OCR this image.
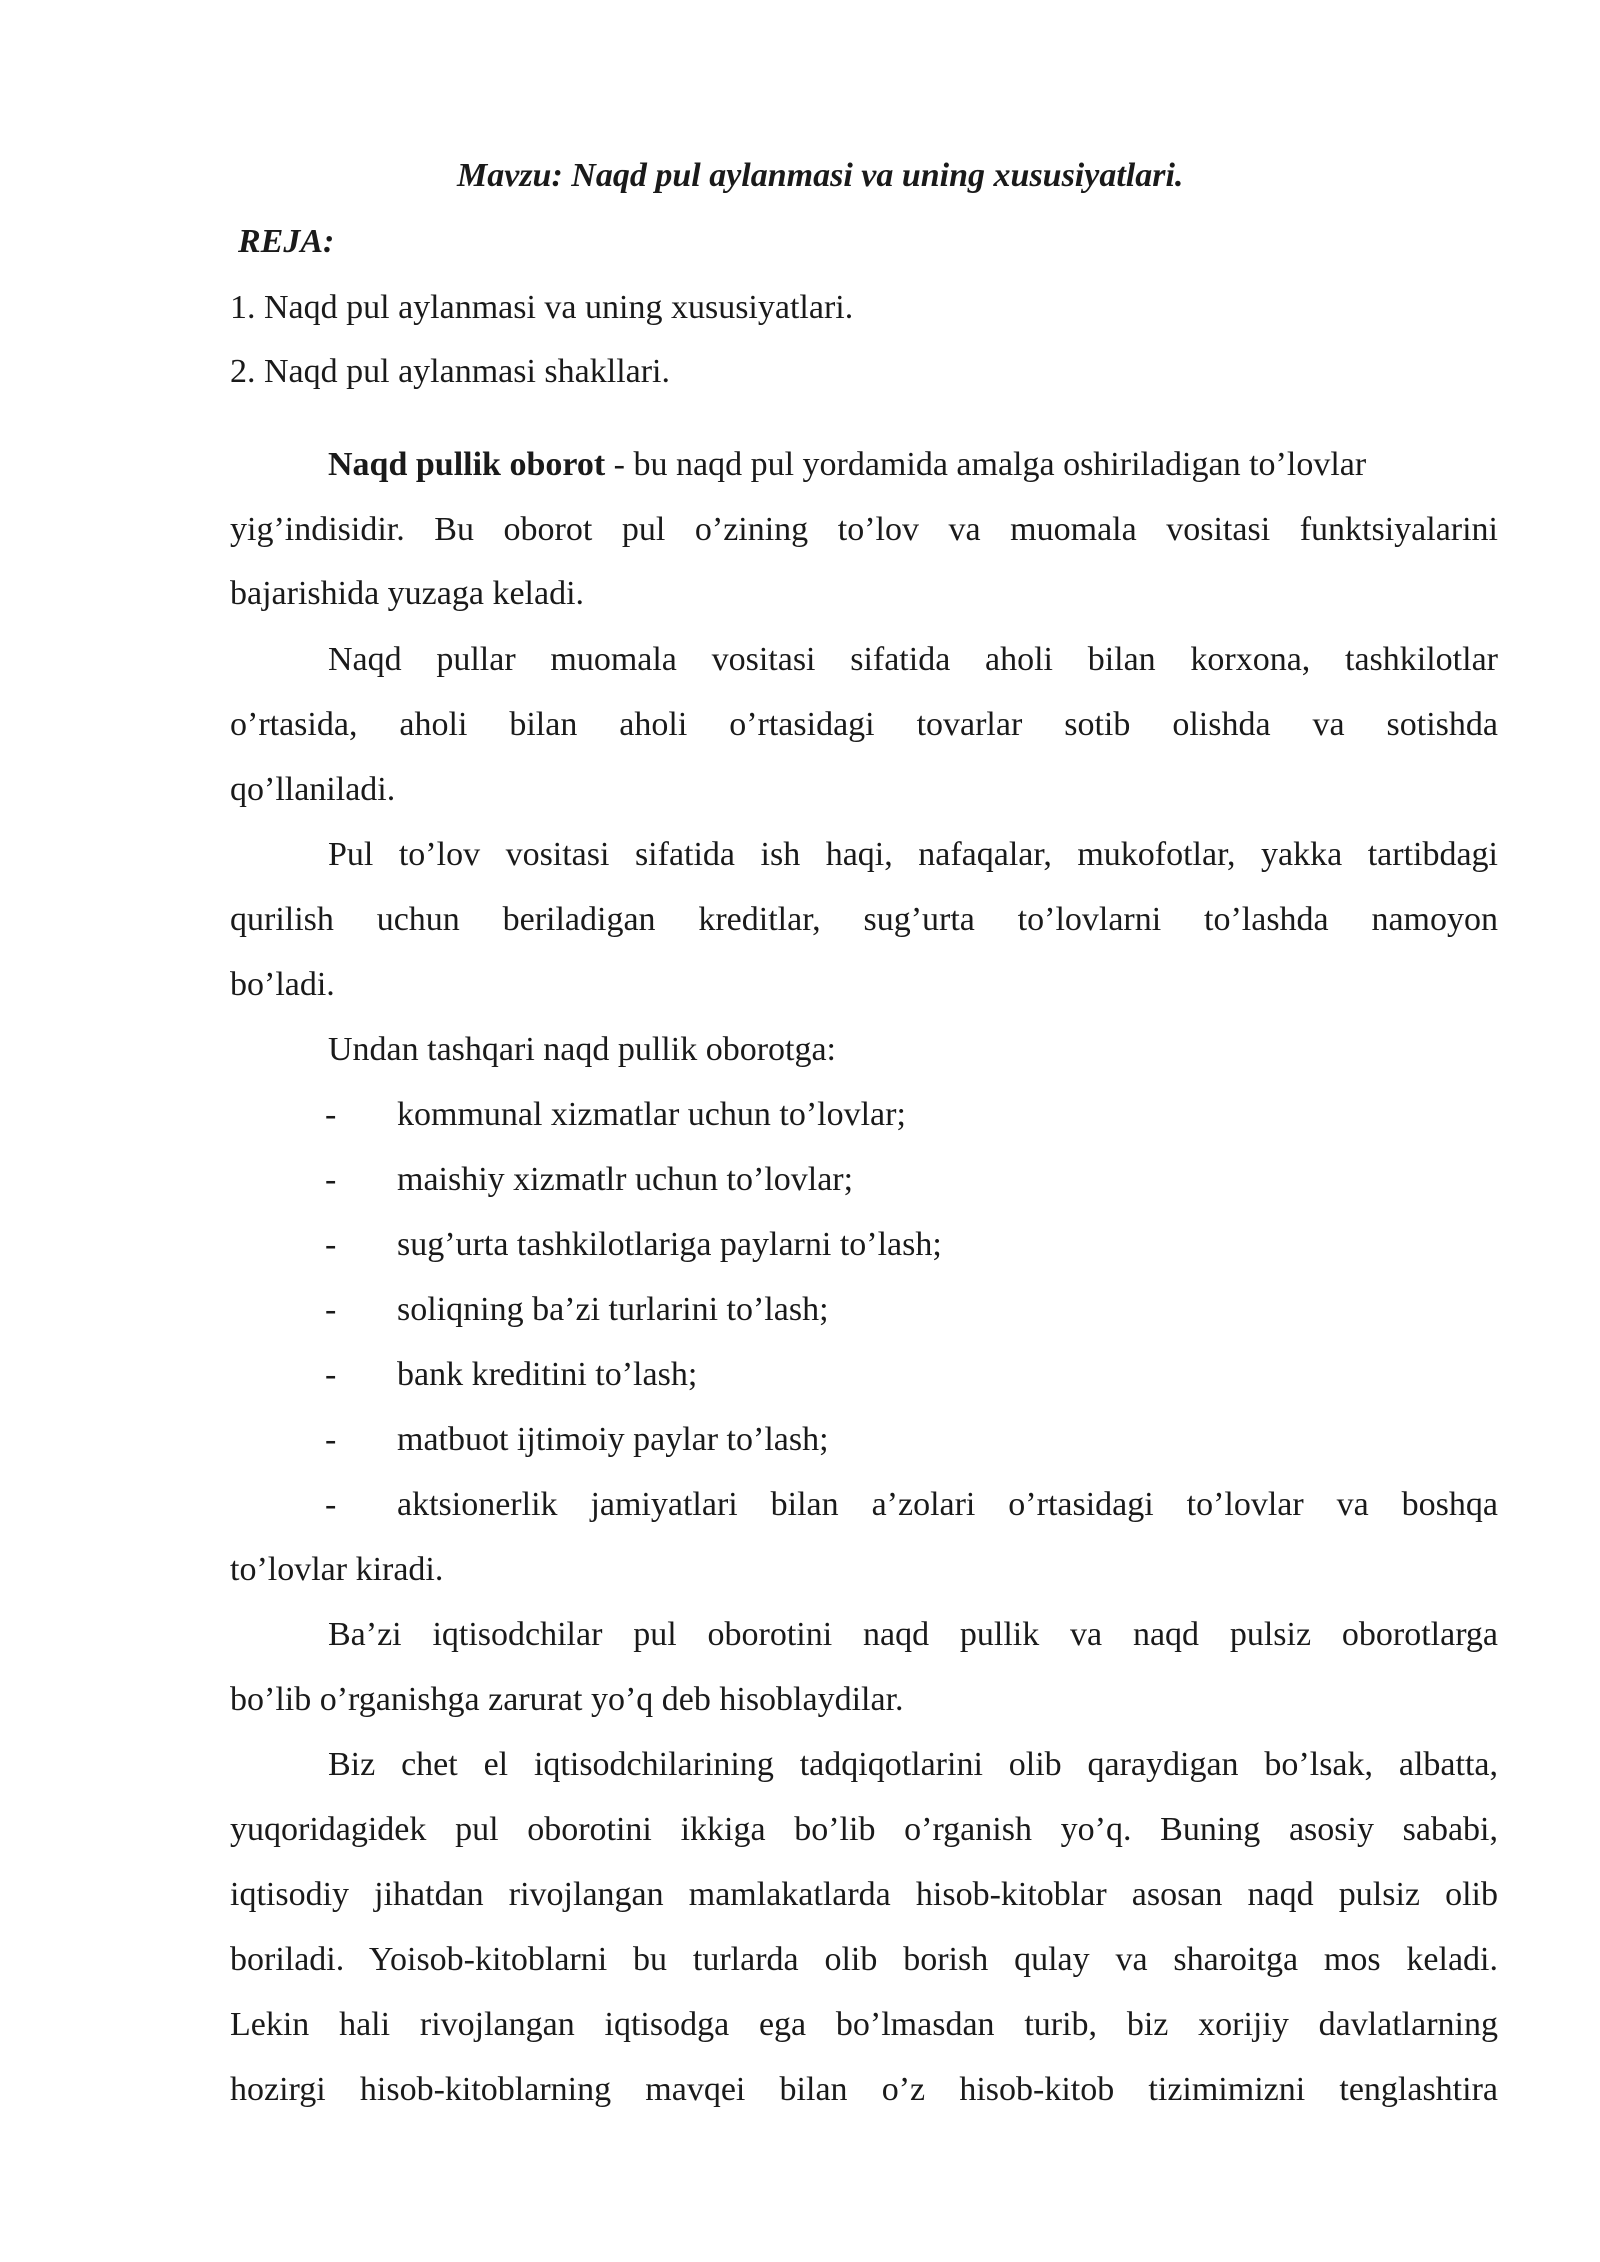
Mavzu: Naqd pul aylanmasi va uning xususiyatlari.
REJA:
1. Naqd pul aylanmasi va uning xususiyatlari.
2. Naqd pul aylanmasi shakllari.
Naqd pullik oborot - bu naqd pul yordamida amalga oshiriladigan to’lovlar
yig’indisidir. Bu oborot pul o’zining to’lov va muomala vositasi funktsiyalarini
bajarishida yuzaga keladi.
Naqd pullar muomala vositasi sifatida aholi bilan korxona, tashkilotlar
o’rtasida, aholi bilan aholi o’rtasidagi tovarlar sotib olishda va sotishda
qo’llaniladi.
Pul to’lov vositasi sifatida ish haqi, nafaqalar, mukofotlar, yakka tartibdagi
qurilish uchun beriladigan kreditlar, sug’urta to’lovlarni to’lashda namoyon
bo’ladi.
Undan tashqari naqd pullik oborotga:
- kommunal xizmatlar uchun to’lovlar;
- maishiy xizmatlr uchun to’lovlar;
- sug’urta tashkilotlariga paylarni to’lash;
- soliqning ba’zi turlarini to’lash;
- bank kreditini to’lash;
- matbuot ijtimoiy paylar to’lash;
- aktsionerlik jamiyatlari bilan a’zolari o’rtasidagi to’lovlar va boshqa
to’lovlar kiradi.
Ba’zi iqtisodchilar pul oborotini naqd pullik va naqd pulsiz oborotlarga
bo’lib o’rganishga zarurat yo’q deb hisoblaydilar.
Biz chet el iqtisodchilarining tadqiqotlarini olib qaraydigan bo’lsak, albatta,
yuqoridagidek pul oborotini ikkiga bo’lib o’rganish yo’q. Buning asosiy sababi,
iqtisodiy jihatdan rivojlangan mamlakatlarda hisob-kitoblar asosan naqd pulsiz olib
boriladi. Yoisob-kitoblarni bu turlarda olib borish qulay va sharoitga mos keladi.
Lekin hali rivojlangan iqtisodga ega bo’lmasdan turib, biz xorijiy davlatlarning
hozirgi hisob-kitoblarning mavqei bilan o’z hisob-kitob tizimimizni tenglashtira
